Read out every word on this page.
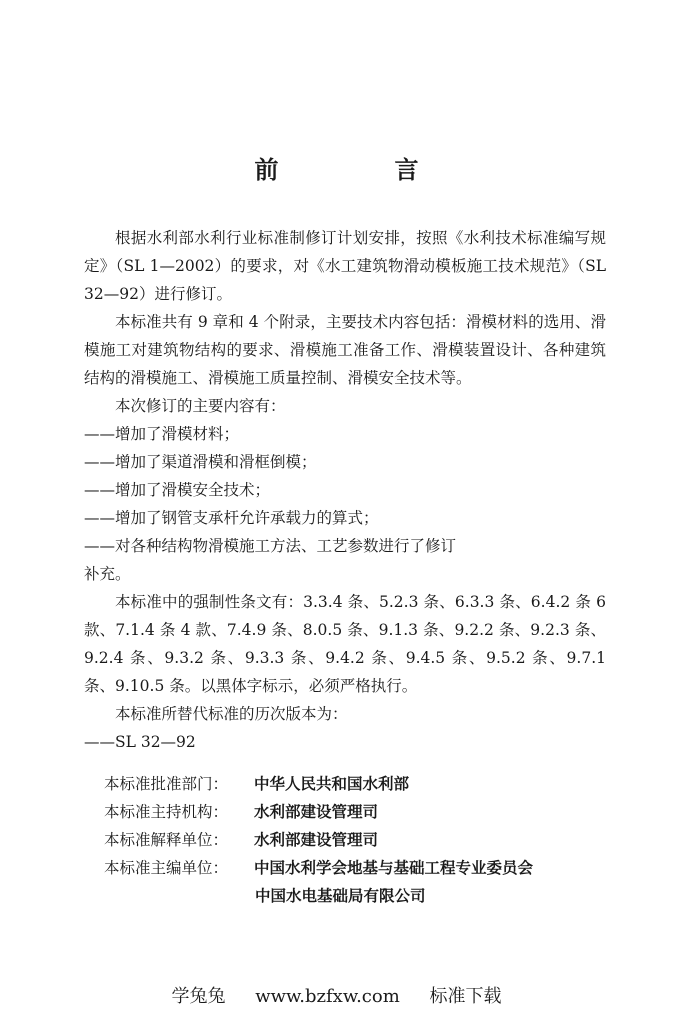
前　言

根据水利部水利行业标准制修订计划安排，按照《水利技术标准编写规定》（SL 1—2002）的要求，对《水工建筑物滑动模板施工技术规范》（SL 32—92）进行修订。

本标准共有 9 章和 4 个附录，主要技术内容包括：滑模材料的选用、滑模施工对建筑物结构的要求、滑模施工准备工作、滑模装置设计、各种建筑结构的滑模施工、滑模施工质量控制、滑模安全技术等。

本次修订的主要内容有：

——增加了滑模材料；

——增加了渠道滑模和滑框倒模；

——增加了滑模安全技术；

——增加了钢管支承杆允许承载力的算式；

——对各种结构物滑模施工方法、工艺参数进行了修订

补充。

本标准中的强制性条文有：3.3.4 条、5.2.3 条、6.3.3 条、6.4.2 条 6 款、7.1.4 条 4 款、7.4.9 条、8.0.5 条、9.1.3 条、9.2.2 条、9.2.3 条、9.2.4 条、9.3.2 条、9.3.3 条、9.4.2 条、9.4.5 条、9.5.2 条、9.7.1 条、9.10.5 条。以黑体字标示，必须严格执行。

本标准所替代标准的历次版本为：

——SL 32—92

本标准批准部门：	中华人民共和国水利部
本标准主持机构：	水利部建设管理司
本标准解释单位：	水利部建设管理司
本标准主编单位：	中国水利学会地基与基础工程专业委员会
中国水电基础局有限公司
学兔兔 www.bzfxw.com 标准下载
